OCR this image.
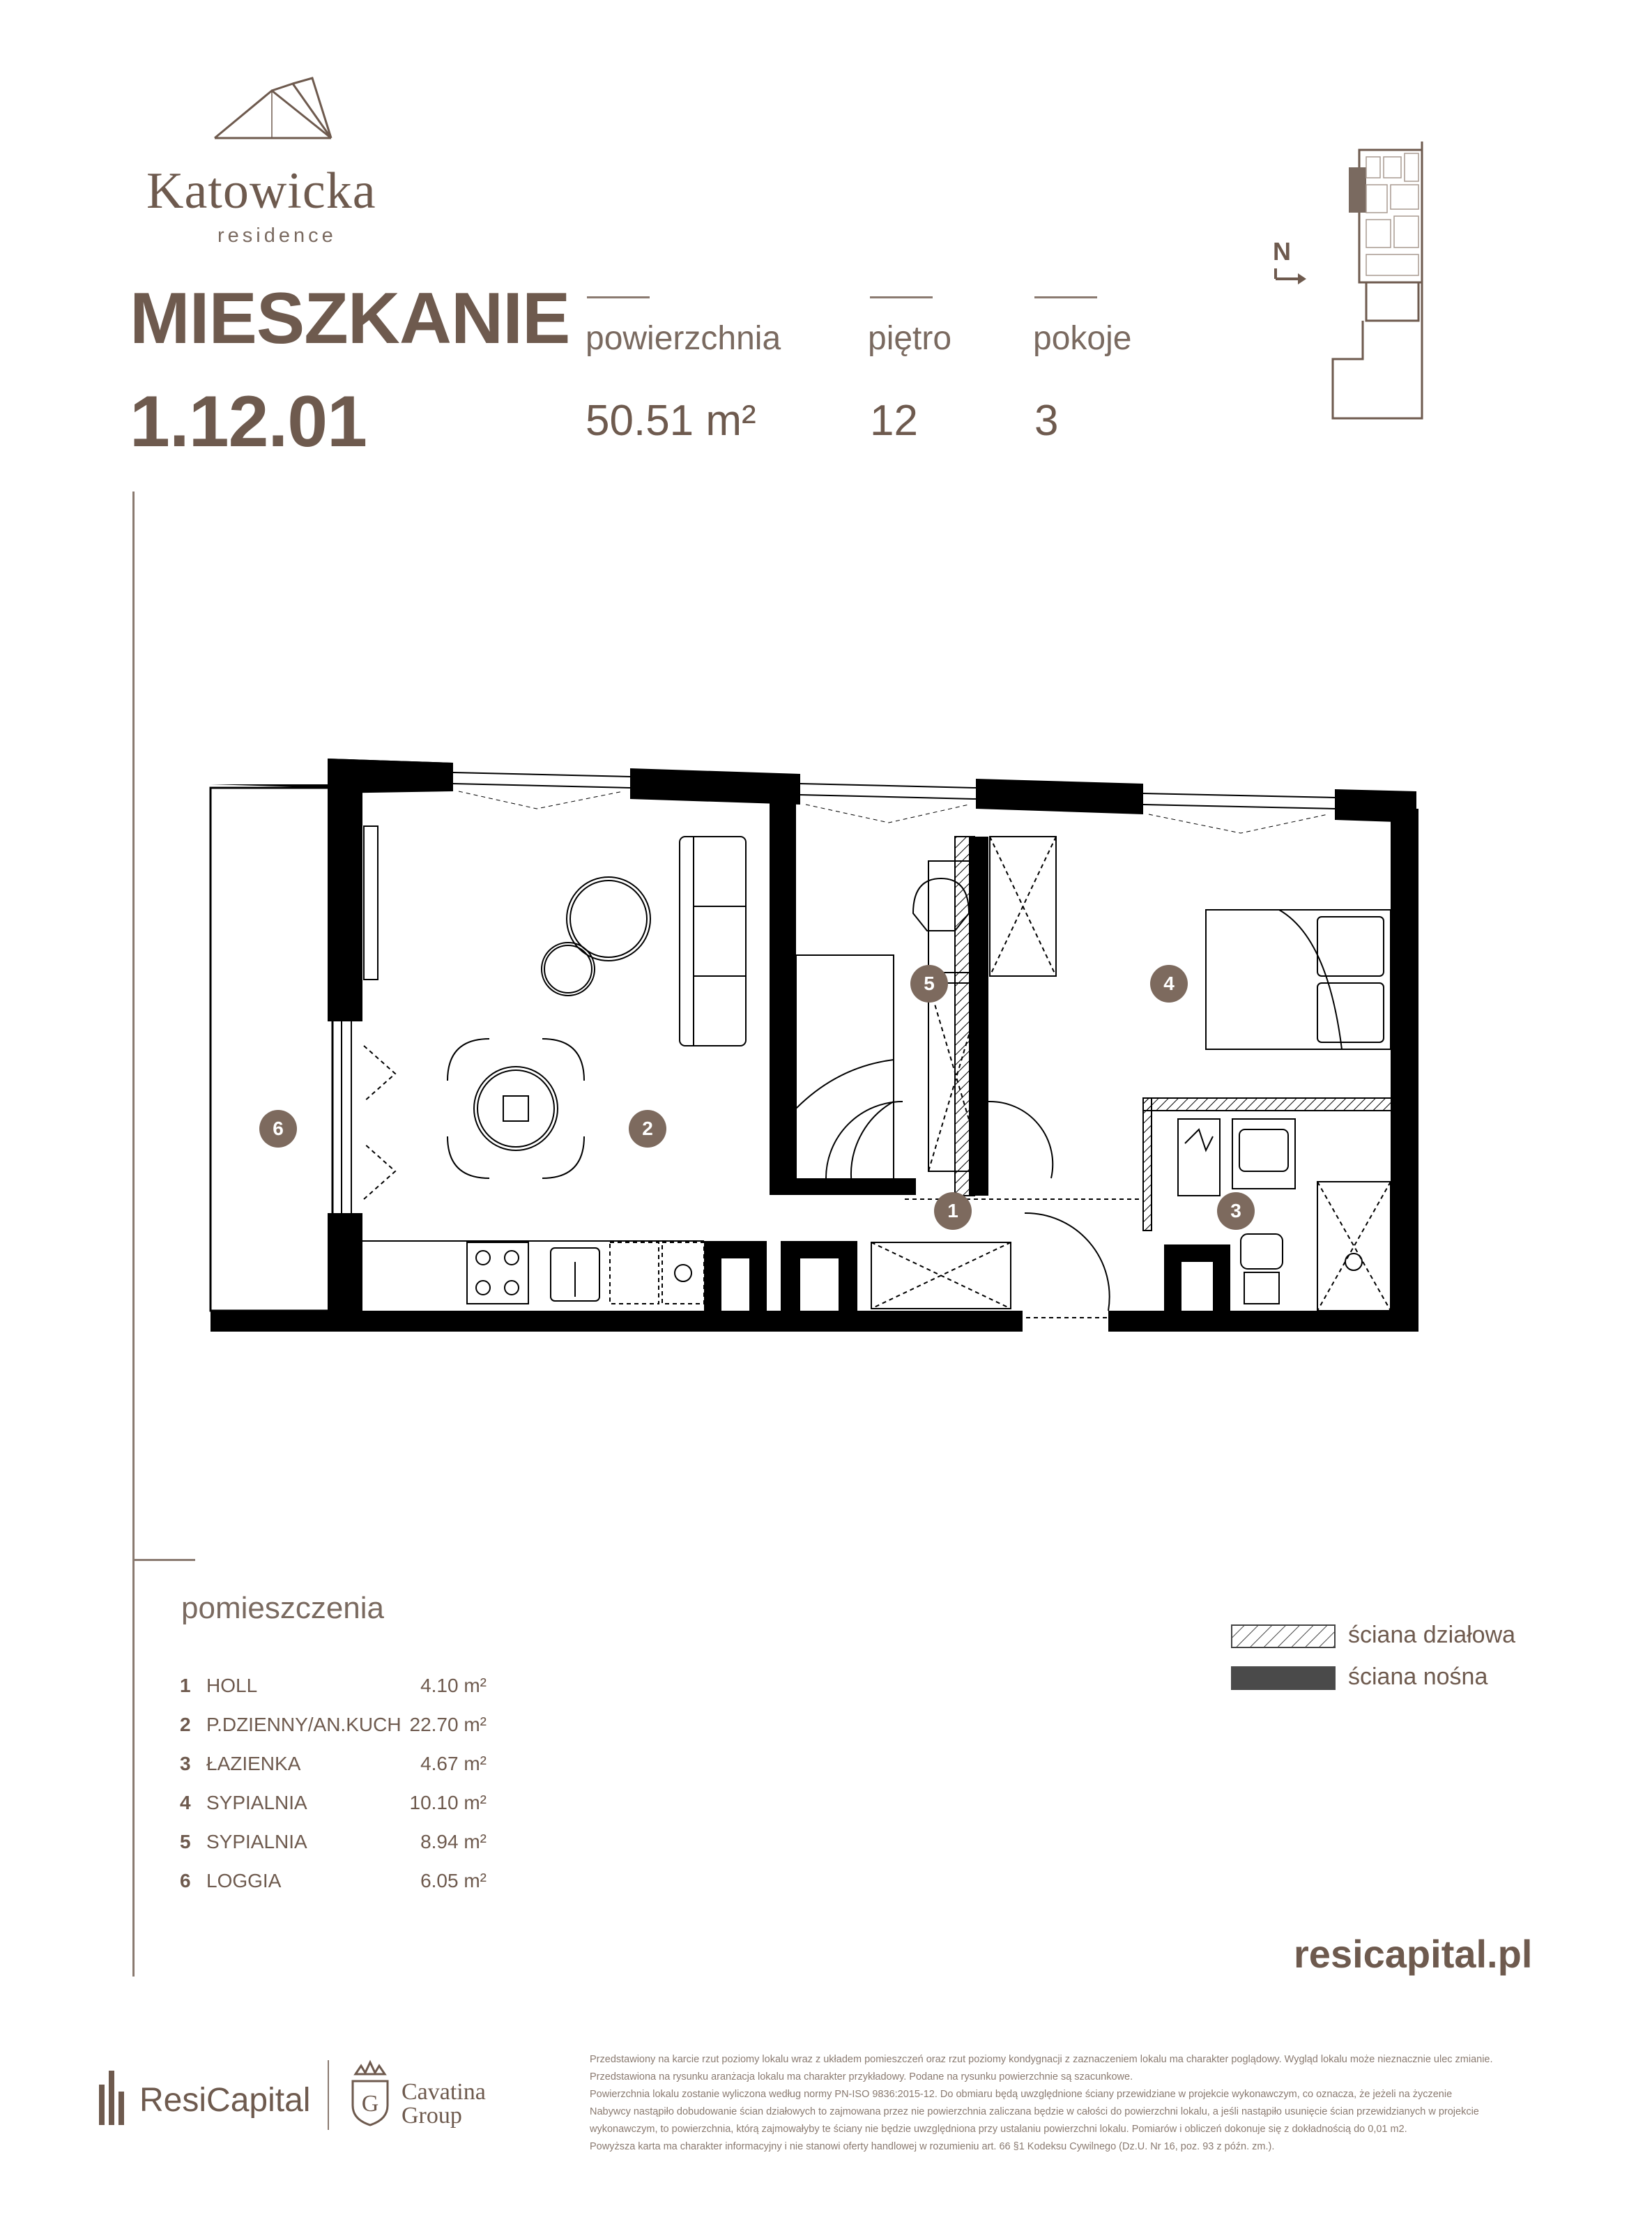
Katowicka
residence
MIESZKANIE
1.12.01
powierzchnia
50.51 m²
piętro
12
pokoje
3
N
6	2
5	4
1	3
pomieszczenia
1 HOLL	4.10 m²
2 P.DZIENNY/AN.KUCH 22.70 m²
3 ŁAZIENKA	4.67 m²
4 SYPIALNIA	10.10 m²
5 SYPIALNIA	8.94 m²
6 LOGGIA	6.05 m²
ściana działowa
ściana nośna
resicapital.pl
ResiCapital G Cavatina
Group
Przedstawiony na karcie rzut poziomy lokalu wraz z układem pomieszczeń oraz rzut poziomy kondygnacji z zaznaczeniem lokalu ma charakter poglądowy. Wygląd lokalu może nieznacznie ulec zmianie.
Przedstawiona na rysunku aranżacja lokalu ma charakter przykładowy. Podane na rysunku powierzchnie są szacunkowe.
Powierzchnia lokalu zostanie wyliczona według normy PN-ISO 9836:2015-12. Do obmiaru będą uwzględnione ściany przewidziane w projekcie wykonawczym, co oznacza, że jeżeli na życzenie
Nabywcy nastąpiło dobudowanie ścian działowych to zajmowana przez nie powierzchnia zaliczana będzie w całości do powierzchni lokalu, a jeśli nastąpiło usunięcie ścian przewidzianych w projekcie
wykonawczym, to powierzchnia, którą zajmowałyby te ściany nie będzie uwzględniona przy ustalaniu powierzchni lokalu. Pomiarów i obliczeń dokonuje się z dokładnością do 0,01 m2.
Powyższa karta ma charakter informacyjny i nie stanowi oferty handlowej w rozumieniu art. 66 §1 Kodeksu Cywilnego (Dz.U. Nr 16, poz. 93 z późn. zm.).
